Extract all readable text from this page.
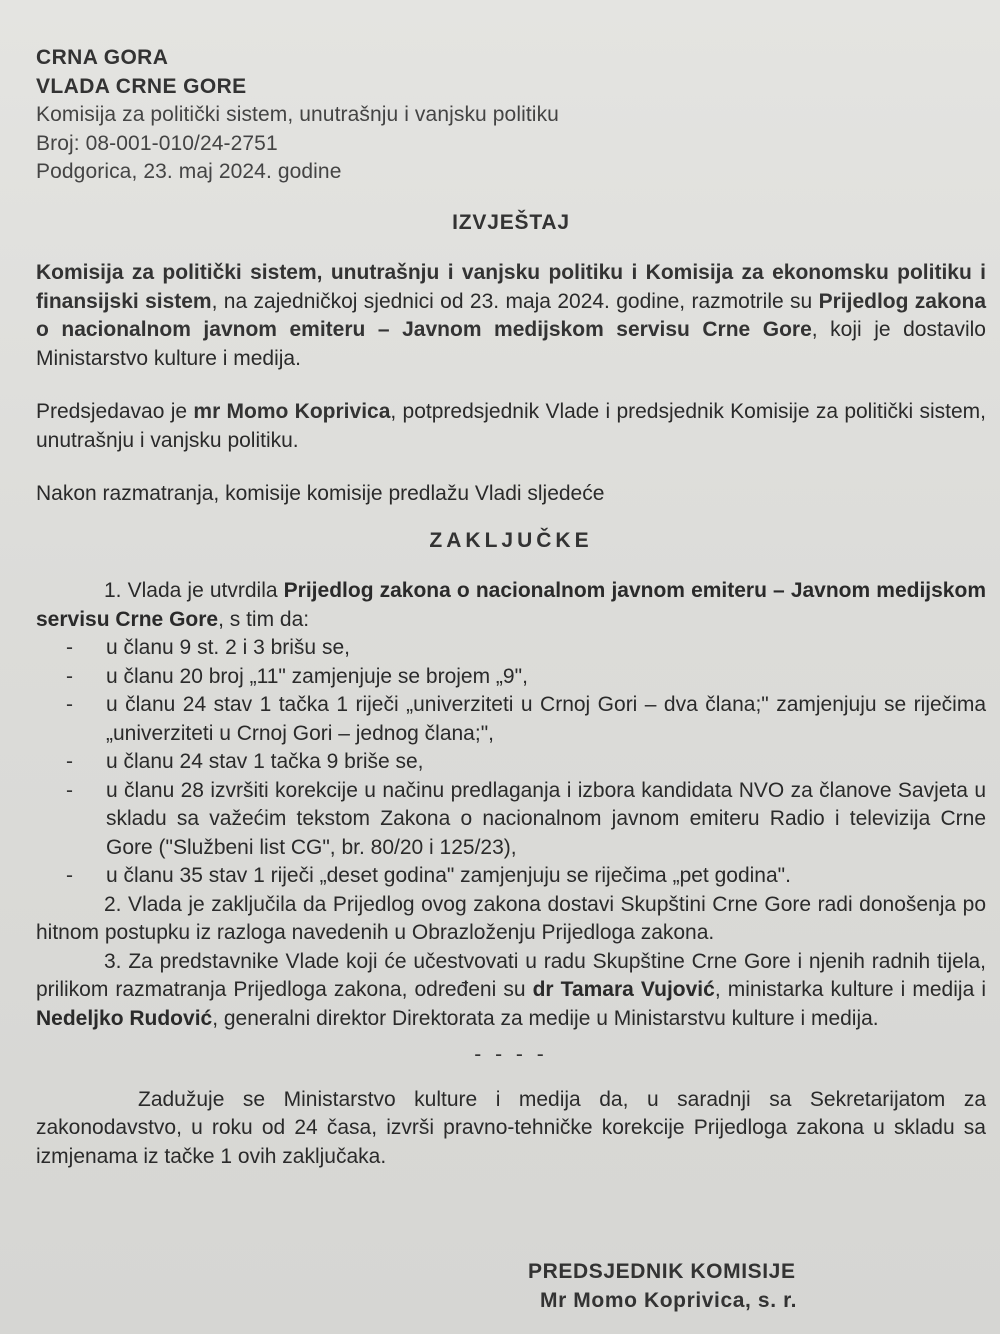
CRNA GORA
VLADA CRNE GORE
Komisija za politički sistem, unutrašnju i vanjsku politiku
Broj: 08-001-010/24-2751
Podgorica, 23. maj 2024. godine
IZVJEŠTAJ

Komisija za politički sistem, unutrašnju i vanjsku politiku i Komisija za ekonomsku politiku i finansijski sistem, na zajedničkoj sjednici od 23. maja 2024. godine, razmotrile su Prijedlog zakona o nacionalnom javnom emiteru – Javnom medijskom servisu Crne Gore, koji je dostavilo Ministarstvo kulture i medija.

Predsjedavao je mr Momo Koprivica, potpredsjednik Vlade i predsjednik Komisije za politički sistem, unutrašnju i vanjsku politiku.

Nakon razmatranja, komisije komisije predlažu Vladi sljedeće

ZAKLJUČKE

1. Vlada je utvrdila Prijedlog zakona o nacionalnom javnom emiteru – Javnom medijskom servisu Crne Gore, s tim da:

- u članu 9 st. 2 i 3 brišu se,
- u članu 20 broj „11" zamjenjuje se brojem „9",
- u članu 24 stav 1 tačka 1 riječi „univerziteti u Crnoj Gori – dva člana;" zamjenjuju se riječima „univerziteti u Crnoj Gori – jednog člana;",
- u članu 24 stav 1 tačka 9 briše se,
- u članu 28 izvršiti korekcije u načinu predlaganja i izbora kandidata NVO za članove Savjeta u skladu sa važećim tekstom Zakona o nacionalnom javnom emiteru Radio i televizija Crne Gore ("Službeni list CG", br. 80/20 i 125/23),
- u članu 35 stav 1 riječi „deset godina" zamjenjuju se riječima „pet godina".

2. Vlada je zaključila da Prijedlog ovog zakona dostavi Skupštini Crne Gore radi donošenja po hitnom postupku iz razloga navedenih u Obrazloženju Prijedloga zakona.

3. Za predstavnike Vlade koji će učestvovati u radu Skupštine Crne Gore i njenih radnih tijela, prilikom razmatranja Prijedloga zakona, određeni su dr Tamara Vujović, ministarka kulture i medija i Nedeljko Rudović, generalni direktor Direktorata za medije u Ministarstvu kulture i medija.

- - - -

Zadužuje se Ministarstvo kulture i medija da, u saradnji sa Sekretarijatom za zakonodavstvo, u roku od 24 časa, izvrši pravno-tehničke korekcije Prijedloga zakona u skladu sa izmjenama iz tačke 1 ovih zaključaka.

PREDSJEDNIK KOMISIJE
Mr Momo Koprivica, s. r.
